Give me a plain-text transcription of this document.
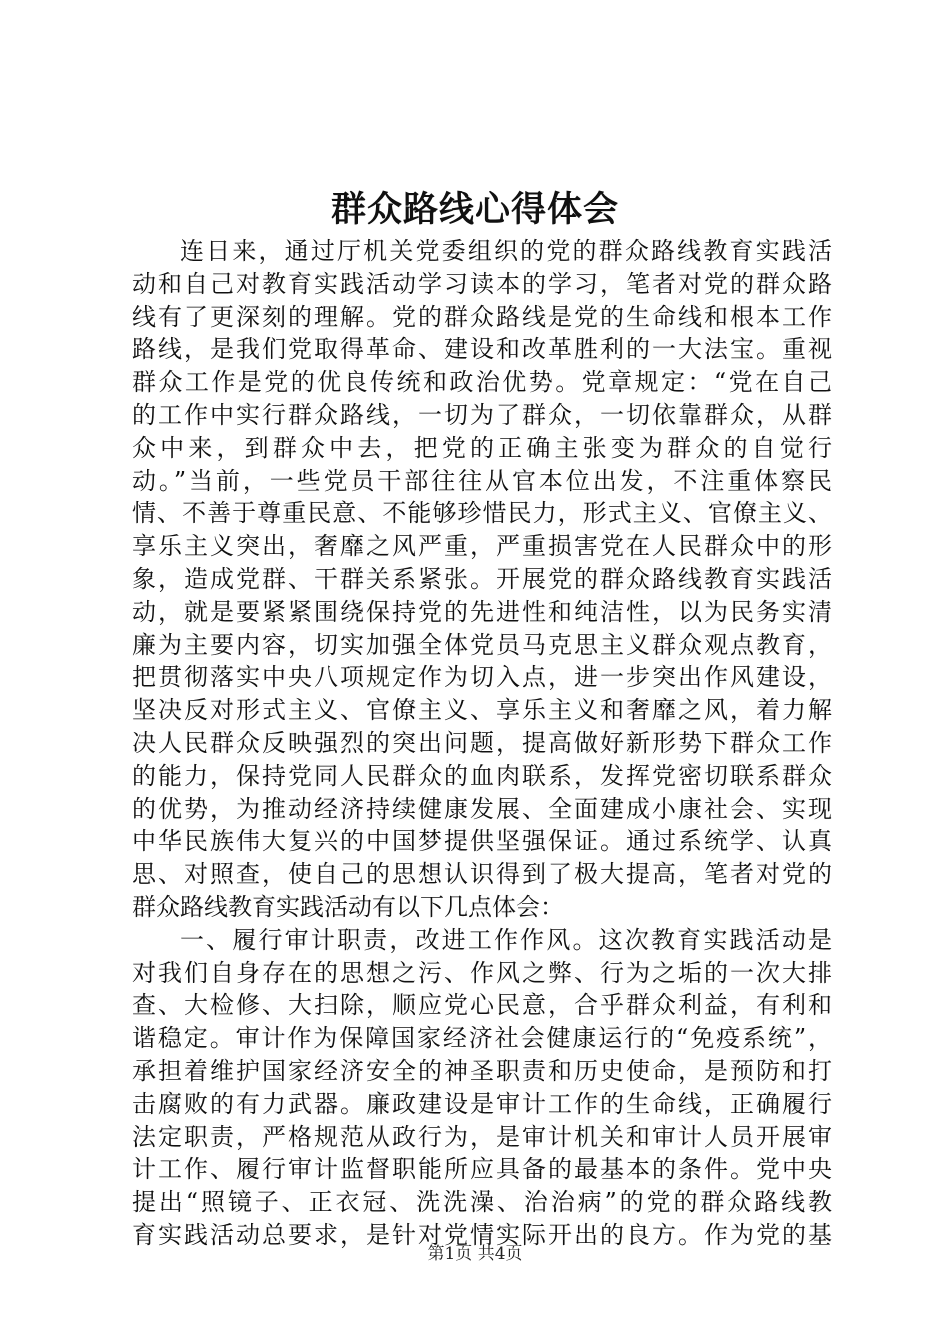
群众路线心得体会
连日来，通过厅机关党委组织的党的群众路线教育实践活
动和自己对教育实践活动学习读本的学习，笔者对党的群众路
线有了更深刻的理解。党的群众路线是党的生命线和根本工作
路线，是我们党取得革命、建设和改革胜利的一大法宝。重视
群众工作是党的优良传统和政治优势。党章规定：“党在自己
的工作中实行群众路线，一切为了群众，一切依靠群众，从群
众中来，到群众中去，把党的正确主张变为群众的自觉行
动。”当前，一些党员干部往往从官本位出发，不注重体察民
情、不善于尊重民意、不能够珍惜民力，形式主义、官僚主义、
享乐主义突出，奢靡之风严重，严重损害党在人民群众中的形
象，造成党群、干群关系紧张。开展党的群众路线教育实践活
动，就是要紧紧围绕保持党的先进性和纯洁性，以为民务实清
廉为主要内容，切实加强全体党员马克思主义群众观点教育，
把贯彻落实中央八项规定作为切入点，进一步突出作风建设，
坚决反对形式主义、官僚主义、享乐主义和奢靡之风，着力解
决人民群众反映强烈的突出问题，提高做好新形势下群众工作
的能力，保持党同人民群众的血肉联系，发挥党密切联系群众
的优势，为推动经济持续健康发展、全面建成小康社会、实现
中华民族伟大复兴的中国梦提供坚强保证。通过系统学、认真
思、对照查，使自己的思想认识得到了极大提高，笔者对党的
群众路线教育实践活动有以下几点体会：
一、履行审计职责，改进工作作风。这次教育实践活动是
对我们自身存在的思想之污、作风之弊、行为之垢的一次大排
查、大检修、大扫除，顺应党心民意，合乎群众利益，有利和
谐稳定。审计作为保障国家经济社会健康运行的“免疫系统”，
承担着维护国家经济安全的神圣职责和历史使命，是预防和打
击腐败的有力武器。廉政建设是审计工作的生命线，正确履行
法定职责，严格规范从政行为，是审计机关和审计人员开展审
计工作、履行审计监督职能所应具备的最基本的条件。党中央
提出“照镜子、正衣冠、洗洗澡、治治病”的党的群众路线教
育实践活动总要求，是针对党情实际开出的良方。作为党的基
第1页 共4页
